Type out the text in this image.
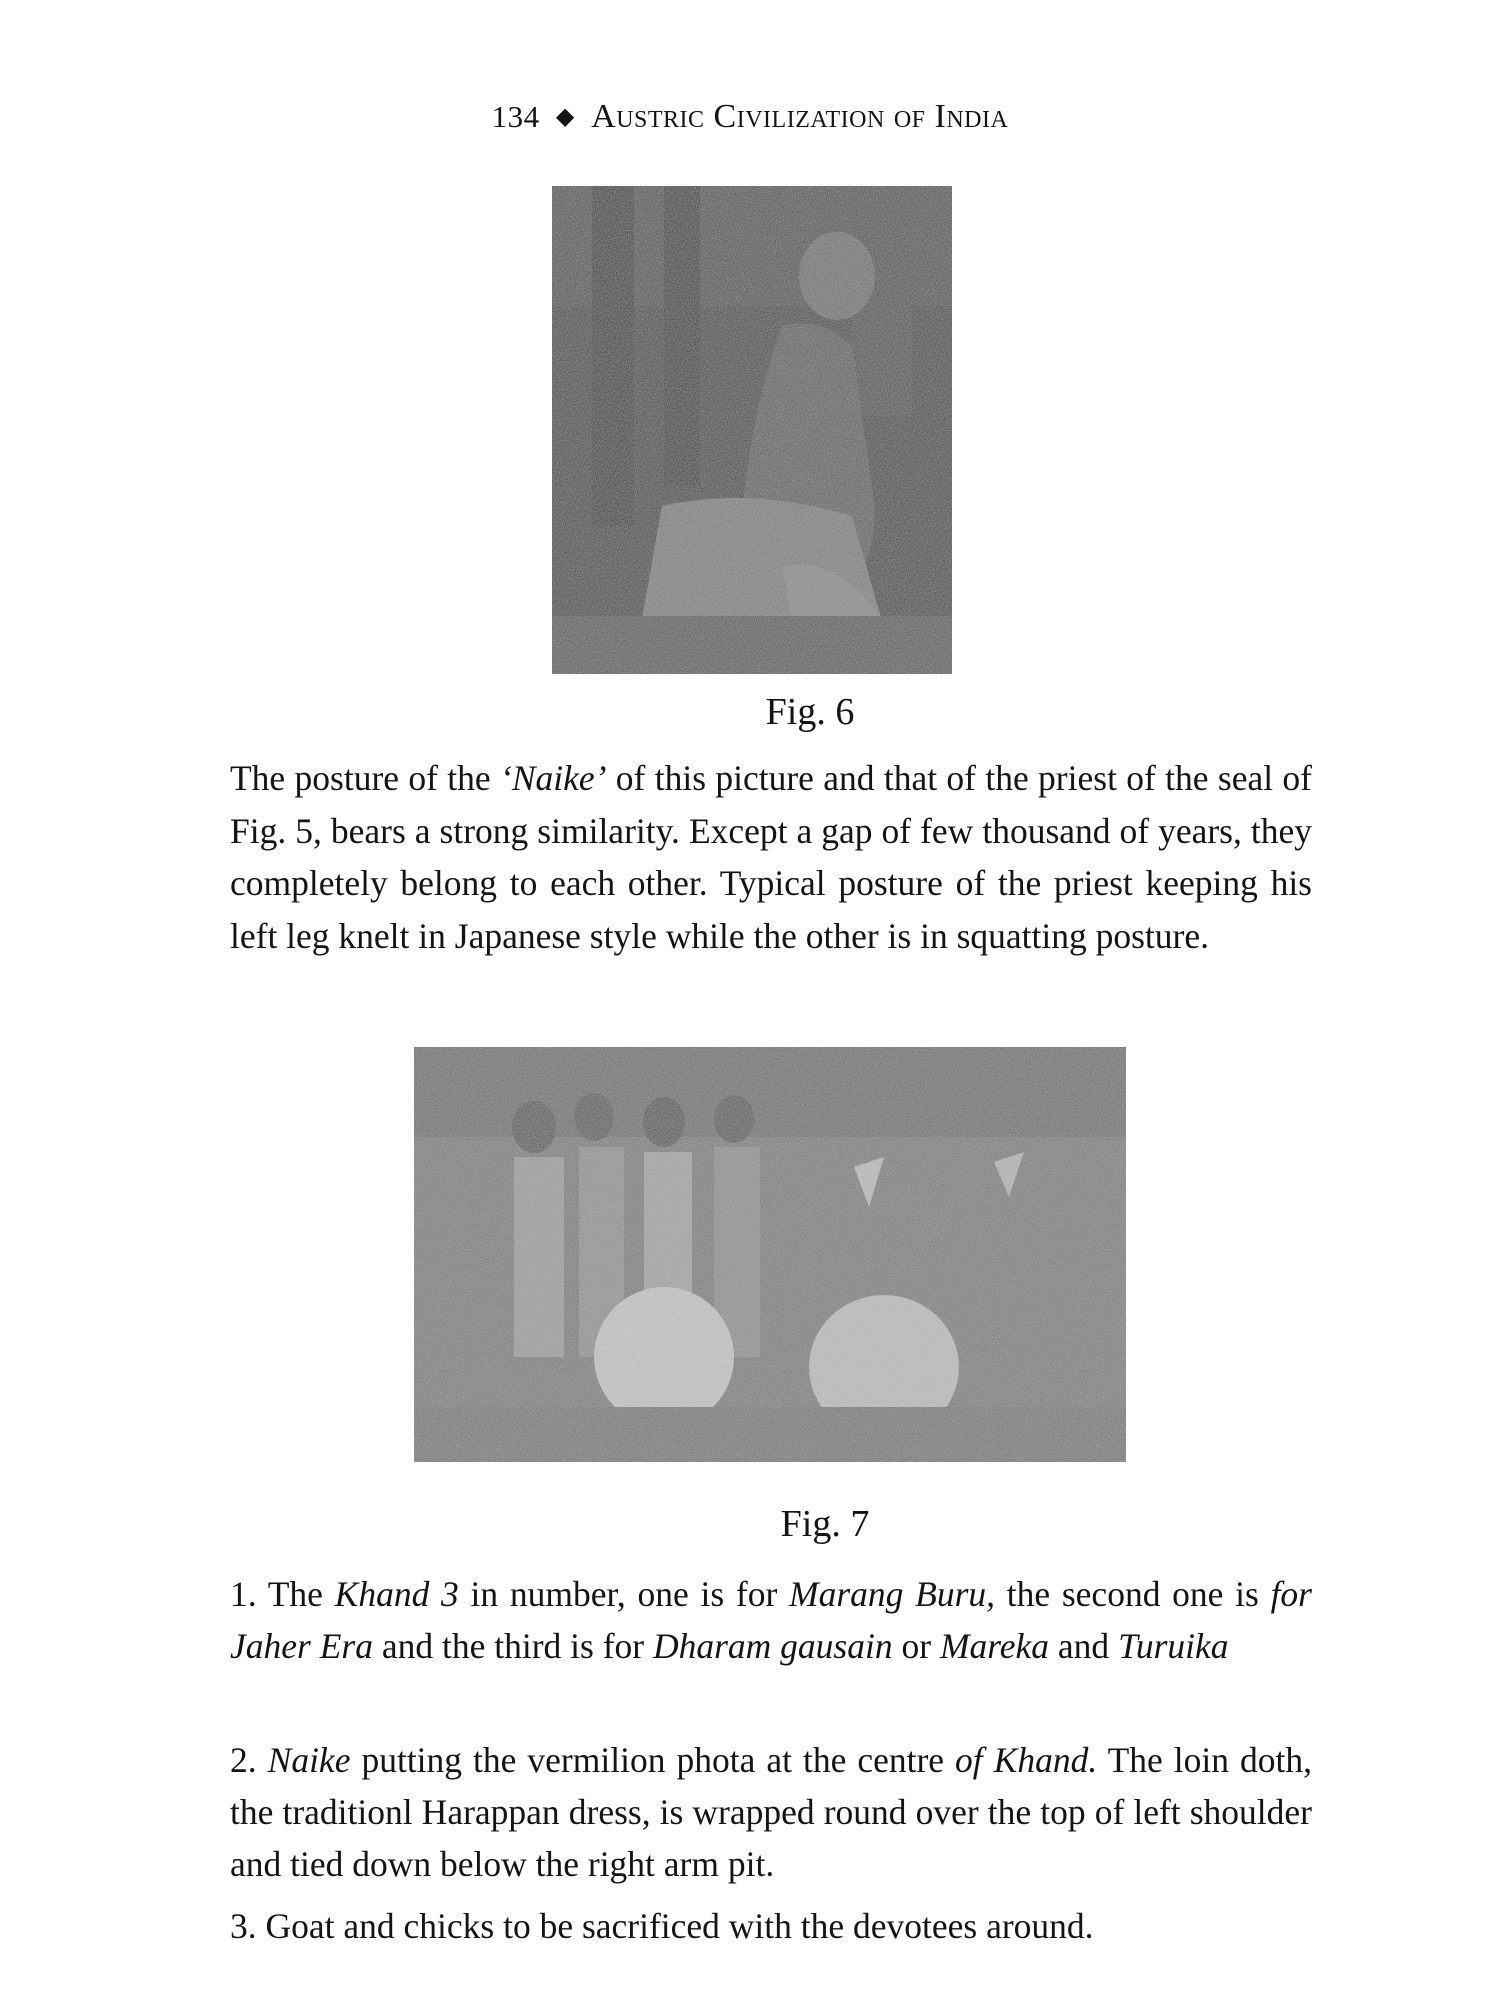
134 ◆ Austric Civilization of India
Fig. 6
The posture of the ‘Naike’ of this picture and that of the priest of the seal of Fig. 5, bears a strong similarity. Except a gap of few thousand of years, they completely belong to each other. Typical posture of the priest keeping his left leg knelt in Japanese style while the other is in squatting posture.
Fig. 7
1. The Khand 3 in number, one is for Marang Buru, the second one is for Jaher Era and the third is for Dharam gausain or Mareka and Turuika
2. Naike putting the vermilion phota at the centre of Khand. The loin doth, the traditionl Harappan dress, is wrapped round over the top of left shoulder and tied down below the right arm pit.
3. Goat and chicks to be sacrificed with the devotees around.
